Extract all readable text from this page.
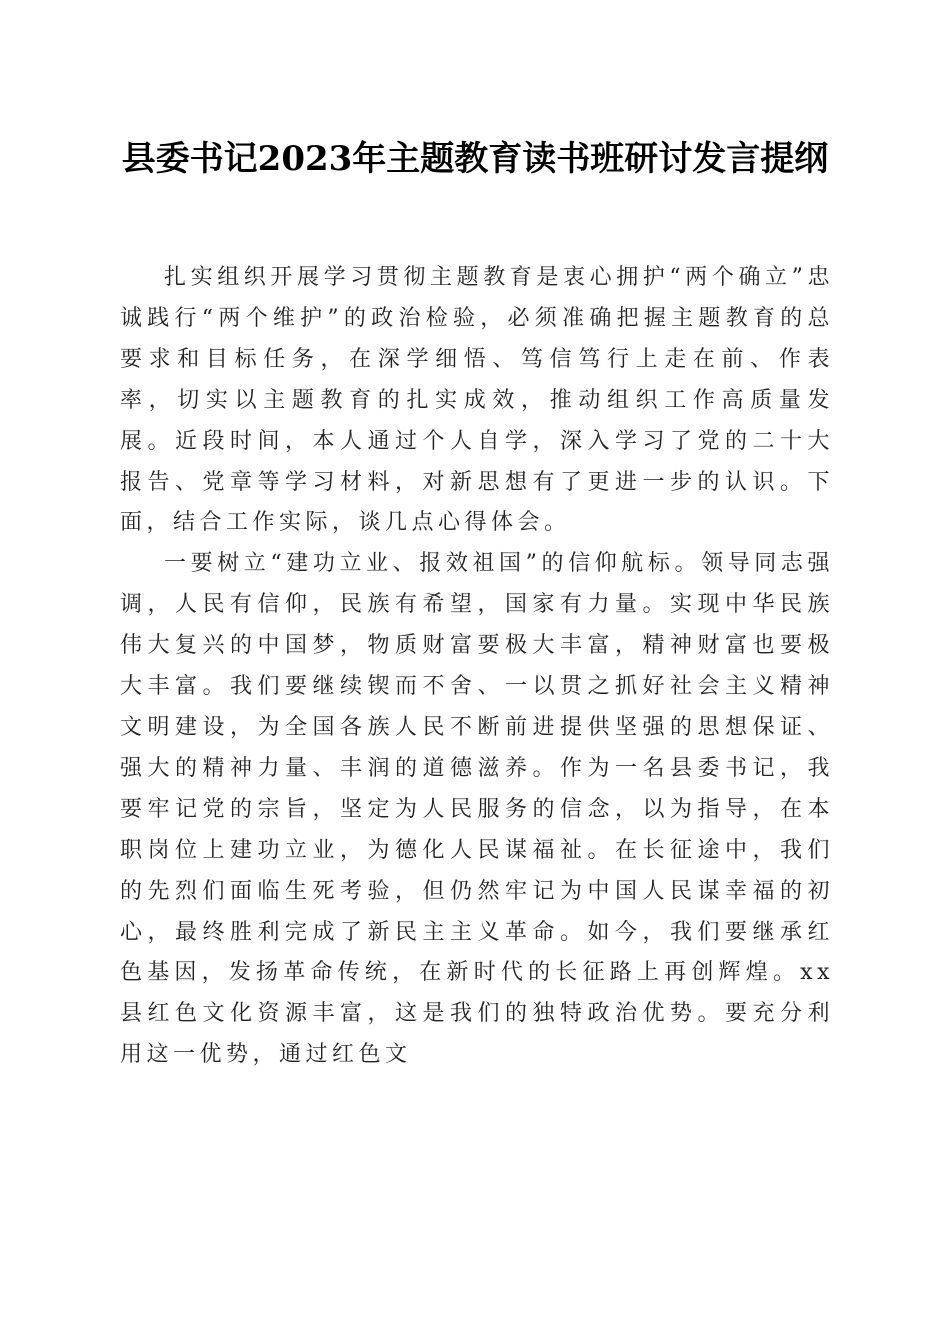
县委书记2023年主题教育读书班研讨发言提纲

扎实组织开展学习贯彻主题教育是衷心拥护“两个确立”忠诚践行“两个维护”的政治检验，必须准确把握主题教育的总要求和目标任务，在深学细悟、笃信笃行上走在前、作表率，切实以主题教育的扎实成效，推动组织工作高质量发展。近段时间，本人通过个人自学，深入学习了党的二十大报告、党章等学习材料，对新思想有了更进一步的认识。下面，结合工作实际，谈几点心得体会。

一要树立“建功立业、报效祖国”的信仰航标。领导同志强调，人民有信仰，民族有希望，国家有力量。实现中华民族伟大复兴的中国梦，物质财富要极大丰富，精神财富也要极大丰富。我们要继续锲而不舍、一以贯之抓好社会主义精神文明建设，为全国各族人民不断前进提供坚强的思想保证、强大的精神力量、丰润的道德滋养。作为一名县委书记，我要牢记党的宗旨，坚定为人民服务的信念，以为指导，在本职岗位上建功立业，为德化人民谋福祉。在长征途中，我们的先烈们面临生死考验，但仍然牢记为中国人民谋幸福的初心，最终胜利完成了新民主主义革命。如今，我们要继承红色基因，发扬革命传统，在新时代的长征路上再创辉煌。xx县红色文化资源丰富，这是我们的独特政治优势。要充分利用这一优势，通过红色文
